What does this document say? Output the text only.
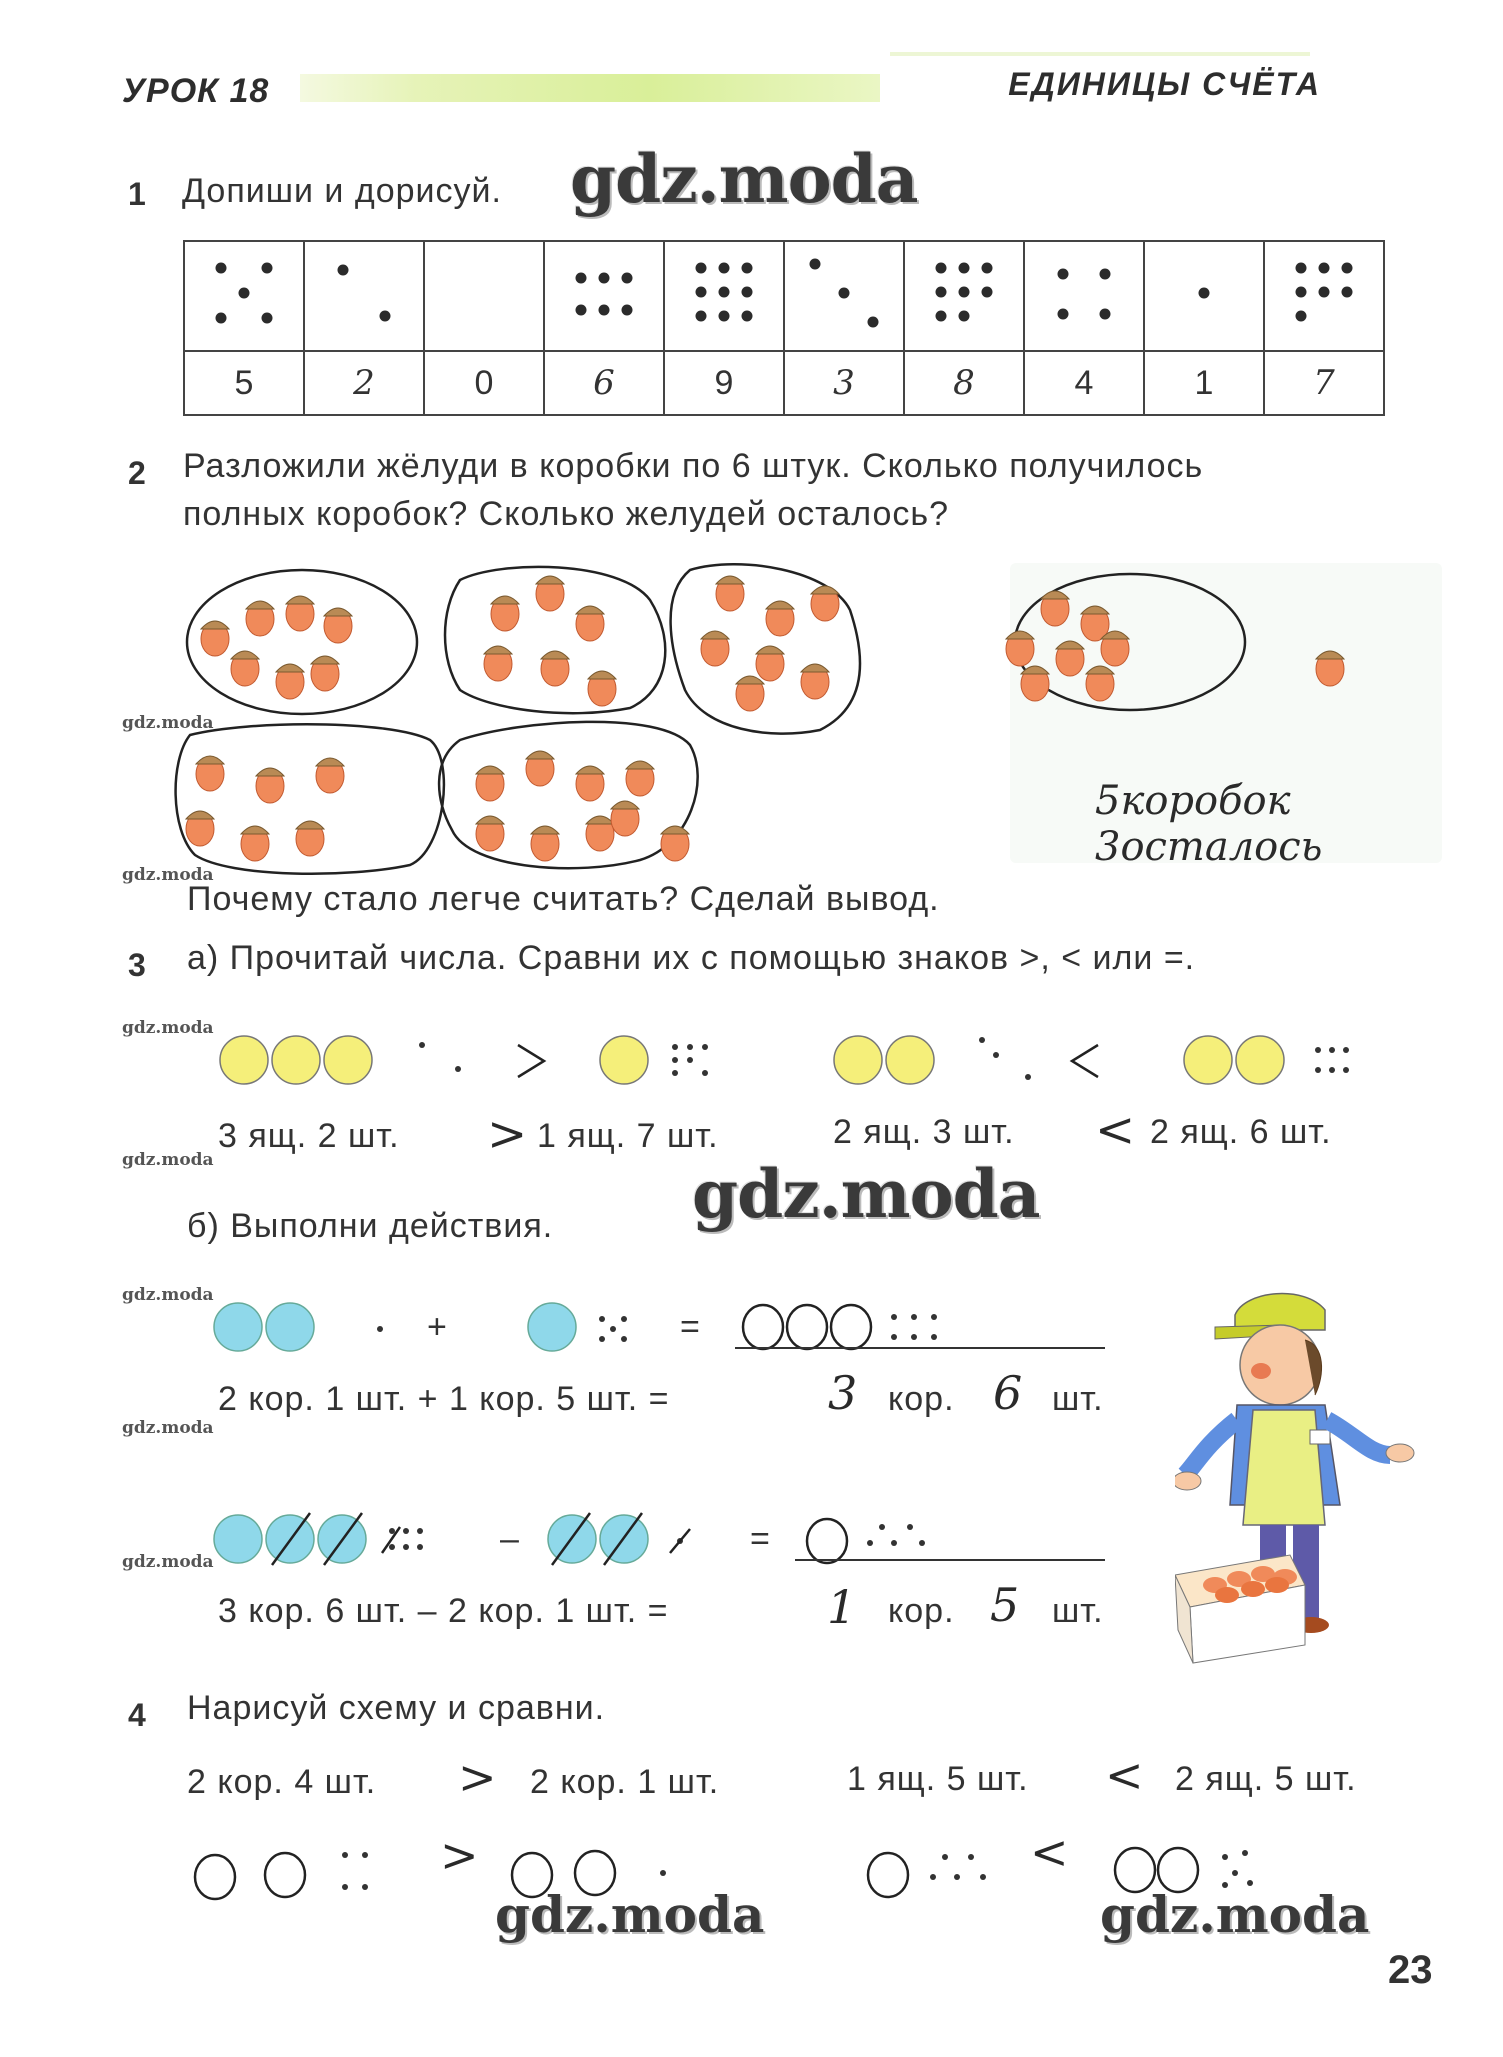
УРОК 18	ЕДИНИЦЫ СЧЁТА
1 Допиши и дорисуй. gdz.moda

5	2	0	6	9	3	8	4	1	7
2 Разложили жёлуди в коробки по 6 штук. Сколько получилось
полных коробок? Сколько желудей осталось?
5коробок 3осталось
gdz.moda
gdz.moda
Почему стало легче считать? Сделай вывод.
3 а) Прочитай числа. Сравни их с помощью знаков >, < или =.
gdz.moda
3 ящ. 2 шт. > 1 ящ. 7 шт.	2 ящ. 3 шт. < 2 ящ. 6 шт.
gdz.moda	gdz.moda
б) Выполни действия.
gdz.moda
+	=
2 кор. 1 шт. + 1 кор. 5 шт. =	3 кор. 6 шт.
gdz.moda
–	=
gdz.moda
3 кор. 6 шт. – 2 кор. 1 шт. =	1 кор. 5 шт.
4 Нарисуй схему и сравни.
2 кор. 4 шт. > 2 кор. 1 шт.	1 ящ. 5 шт. < 2 ящ. 5 шт.
>	<
gdz.moda	gdz.moda
23
